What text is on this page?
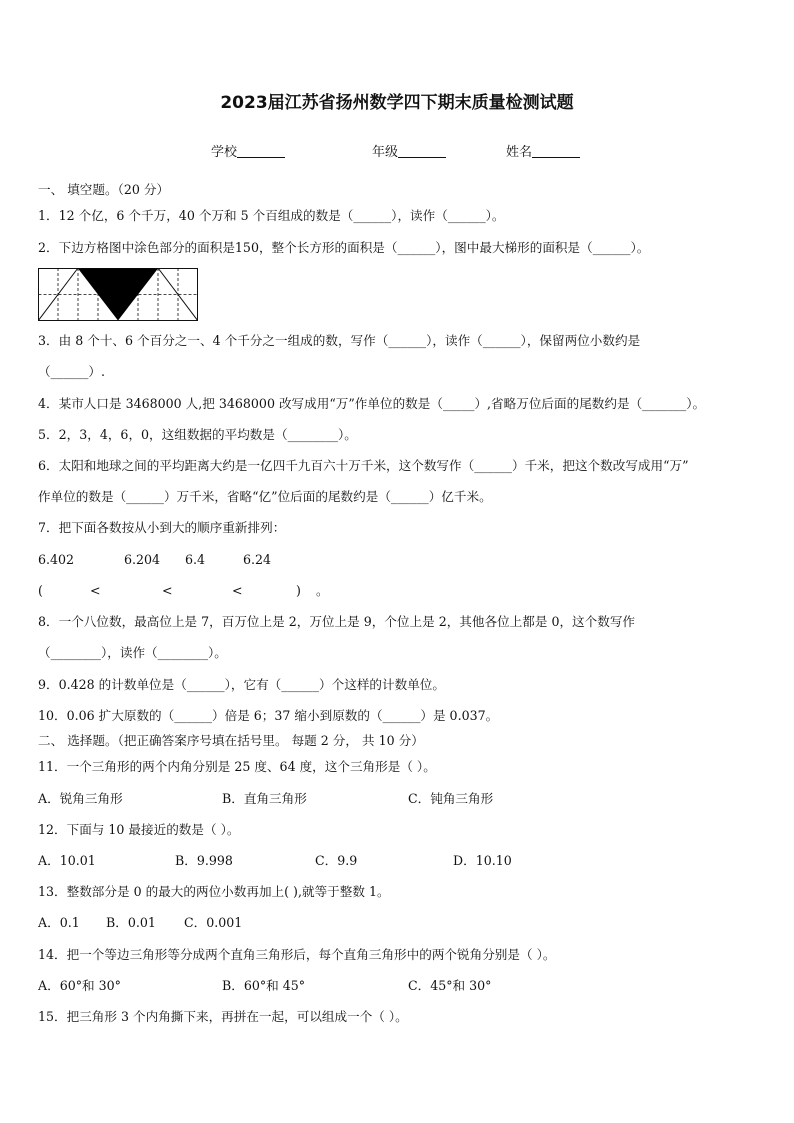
2023届江苏省扬州数学四下期末质量检测试题
学校	年级	姓名
一、 填空题。（20 分）
1．12 个亿，6 个千万，40 个万和 5 个百组成的数是（______），读作（______）。
2．下边方格图中涂色部分的面积是150，整个长方形的面积是（______），图中最大梯形的面积是（______）。
3．由 8 个十、6 个百分之一、4 个千分之一组成的数，写作（______），读作（______），保留两位小数约是
（______）.
4．某市人口是 3468000 人,把 3468000 改写成用“万”作单位的数是（_____）,省略万位后面的尾数约是（_______）。
5．2，3，4，6，0，这组数据的平均数是（________）。
6．太阳和地球之间的平均距离大约是一亿四千九百六十万千米，这个数写作（______）千米，把这个数改写成用“万”
作单位的数是（______）万千米，省略“亿”位后面的尾数约是（______）亿千米。
7．把下面各数按从小到大的顺序重新排列：
6.402	6.204 6.4	6.24
(	<	<	<	) 。
8．一个八位数，最高位上是 7，百万位上是 2，万位上是 9，个位上是 2，其他各位上都是 0，这个数写作
（________），读作（________）。
9．0.428 的计数单位是（______），它有（______）个这样的计数单位。
10．0.06 扩大原数的（______）倍是 6；37 缩小到原数的（______）是 0.037。
二、 选择题。（把正确答案序号填在括号里。 每题 2 分， 共 10 分）
11．一个三角形的两个内角分别是 25 度、64 度，这个三角形是（ ）。
A．锐角三角形	B．直角三角形	C．钝角三角形
12．下面与 10 最接近的数是（ ）。
A．10.01	B．9.998	C．9.9	D．10.10
13．整数部分是 0 的最大的两位小数再加上( ),就等于整数 1。
A．0.1 B．0.01 C．0.001
14．把一个等边三角形等分成两个直角三角形后，每个直角三角形中的两个锐角分别是（ ）。
A．60°和 30°	B．60°和 45°	C．45°和 30°
15．把三角形 3 个内角撕下来，再拼在一起，可以组成一个（ ）。
